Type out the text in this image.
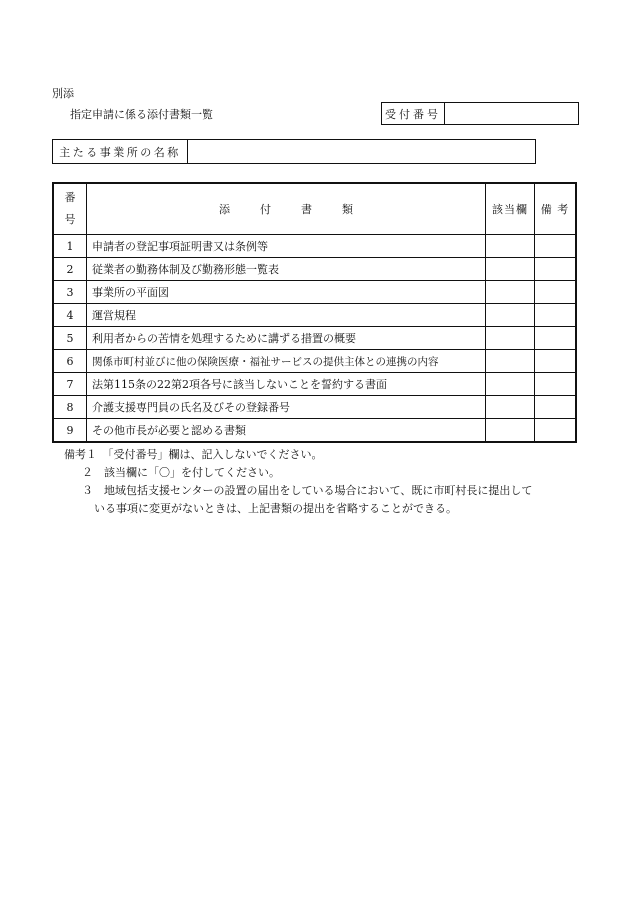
別添
指定申請に係る添付書類一覧	受付番号
主たる事業所の名称
番
号	添付書類	該当欄	備 考
1	申請者の登記事項証明書又は条例等		
2	従業者の勤務体制及び勤務形態一覧表		
3	事業所の平面図		
4	運営規程		
5	利用者からの苦情を処理するために講ずる措置の概要		
6	関係市町村並びに他の保険医療・福祉サービスの提供主体との連携の内容		
7	法第115条の22第2項各号に該当しないことを誓約する書面		
8	介護支援専門員の氏名及びその登録番号		
9	その他市長が必要と認める書類		
備考１　「受付番号」欄は、記入しないでください。
２　該当欄に「〇」を付してください。
３　地域包括支援センターの設置の届出をしている場合において、既に市町村長に提出して
いる事項に変更がないときは、上記書類の提出を省略することができる。
